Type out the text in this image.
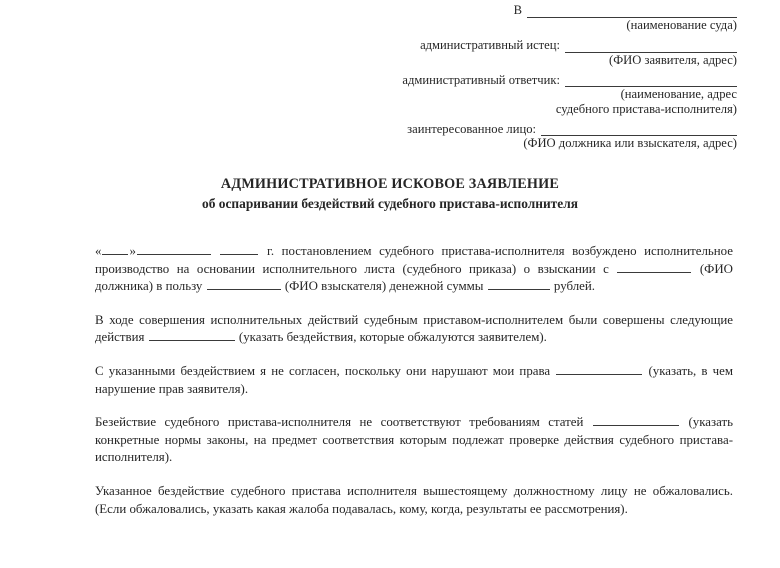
В
(наименование суда)
административный истец:
(ФИО заявителя, адрес)
административный ответчик:
(наименование, адрес
судебного пристава-исполнителя)
заинтересованное лицо:
(ФИО должника или взыскателя, адрес)
АДМИНИСТРАТИВНОЕ ИСКОВОЕ ЗАЯВЛЕНИЕ
об оспаривании бездействий судебного пристава-исполнителя

« »	г. постановлением судебного пристава-исполнителя возбуждено исполнительное производство на основании исполнительного листа (судебного приказа) о взыскании с	(ФИО должника) в пользу	(ФИО взыскателя) денежной суммы	рублей.

В ходе совершения исполнительных действий судебным приставом-исполнителем были совершены следующие действия	(указать бездействия, которые обжалуются заявителем).

С указанными бездействием я не согласен, поскольку они нарушают мои права	(указать, в чем нарушение прав заявителя).

Безействие судебного пристава-исполнителя не соответствуют требованиям статей	(указать конкретные нормы законы, на предмет соответствия которым подлежат проверке действия судебного пристава-исполнителя).

Указанное бездействие судебного пристава исполнителя вышестоящему должностному лицу не обжаловались. (Если обжаловались, указать какая жалоба подавалась, кому, когда, результаты ее рассмотрения).
